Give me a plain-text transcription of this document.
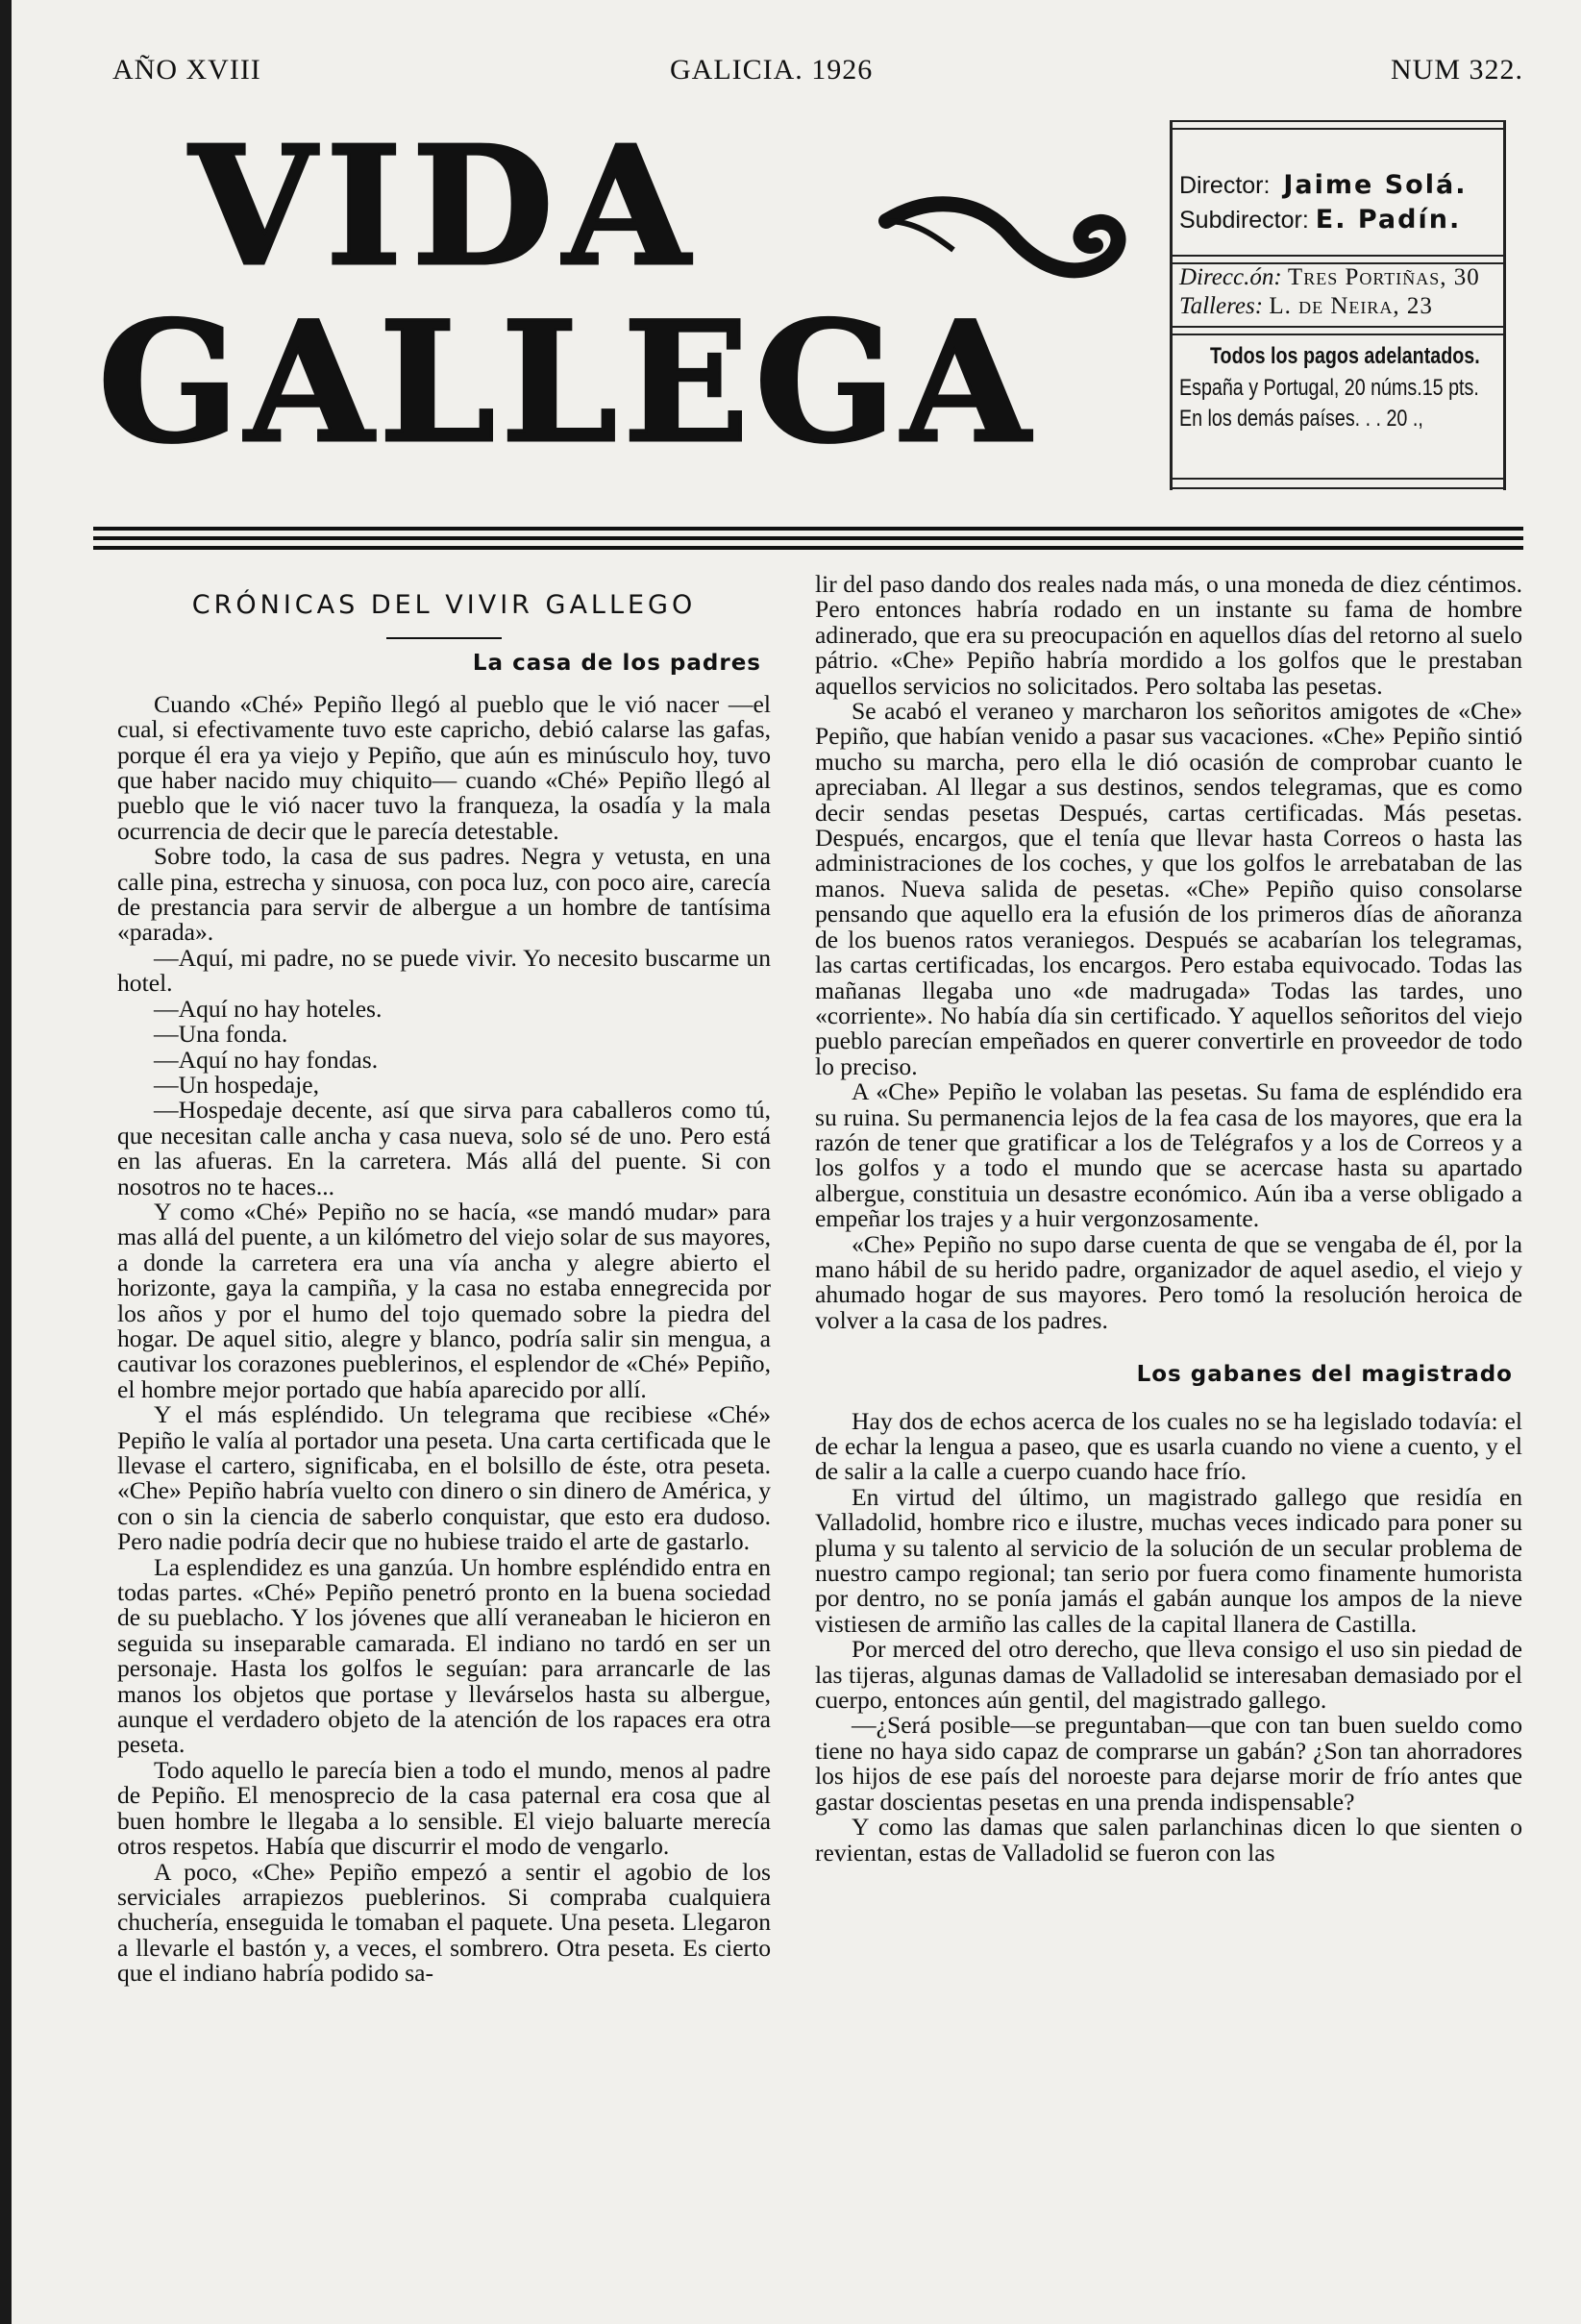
AÑO XVIII	GALICIA. 1926	NUM 322.
VIDA
GALLEGA
Director: Jaime Solá.
Subdirector: E. Padín.
Direcc.ón: Tres Portiñas, 30
Talleres: L. de Neira, 23
Todos los pagos adelantados.
España y Portugal, 20 núms.15 pts.
En los demás países. . . 20 .,
CRÓNICAS DEL VIVIR GALLEGO
La casa de los padres

Cuando «Ché» Pepiño llegó al pueblo que le vió nacer —el cual, si efectivamente tuvo este capricho, debió calarse las gafas, porque él era ya viejo y Pepiño, que aún es minúsculo hoy, tuvo que haber nacido muy chiquito— cuando «Ché» Pepiño llegó al pueblo que le vió nacer tuvo la franqueza, la osadía y la mala ocurrencia de decir que le parecía detestable.

Sobre todo, la casa de sus padres. Negra y vetusta, en una calle pina, estrecha y sinuosa, con poca luz, con poco aire, carecía de prestancia para servir de albergue a un hombre de tantísima «parada».

—Aquí, mi padre, no se puede vivir. Yo necesito buscarme un hotel.

—Aquí no hay hoteles.

—Una fonda.

—Aquí no hay fondas.

—Un hospedaje,

—Hospedaje decente, así que sirva para caballeros como tú, que necesitan calle ancha y casa nueva, solo sé de uno. Pero está en las afueras. En la carretera. Más allá del puente. Si con nosotros no te haces...

Y como «Ché» Pepiño no se hacía, «se mandó mudar» para mas allá del puente, a un kilómetro del viejo solar de sus mayores, a donde la carretera era una vía ancha y alegre abierto el horizonte, gaya la campiña, y la casa no estaba ennegrecida por los años y por el humo del tojo quemado sobre la piedra del hogar. De aquel sitio, alegre y blanco, podría salir sin mengua, a cautivar los corazones pueblerinos, el esplendor de «Ché» Pepiño, el hombre mejor portado que había aparecido por allí.

Y el más espléndido. Un telegrama que recibiese «Ché» Pepiño le valía al portador una peseta. Una carta certificada que le llevase el cartero, significaba, en el bolsillo de éste, otra peseta. «Che» Pepiño habría vuelto con dinero o sin dinero de América, y con o sin la ciencia de saberlo conquistar, que esto era dudoso. Pero nadie podría decir que no hubiese traido el arte de gastarlo.

La esplendidez es una ganzúa. Un hombre espléndido entra en todas partes. «Ché» Pepiño penetró pronto en la buena sociedad de su pueblacho. Y los jóvenes que allí veraneaban le hicieron en seguida su inseparable camarada. El indiano no tardó en ser un personaje. Hasta los golfos le seguían: para arrancarle de las manos los objetos que portase y llevárselos hasta su albergue, aunque el verdadero objeto de la atención de los rapaces era otra peseta.

Todo aquello le parecía bien a todo el mundo, menos al padre de Pepiño. El menosprecio de la casa paternal era cosa que al buen hombre le llegaba a lo sensible. El viejo baluarte merecía otros respetos. Había que discurrir el modo de vengarlo.

A poco, «Che» Pepiño empezó a sentir el agobio de los serviciales arrapiezos pueblerinos. Si compraba cualquiera chuchería, enseguida le tomaban el paquete. Una peseta. Llegaron a llevarle el bastón y, a veces, el sombrero. Otra peseta. Es cierto que el indiano habría podido sa-

lir del paso dando dos reales nada más, o una moneda de diez céntimos. Pero entonces habría rodado en un instante su fama de hombre adinerado, que era su preocupación en aquellos días del retorno al suelo pátrio. «Che» Pepiño habría mordido a los golfos que le prestaban aquellos servicios no solicitados. Pero soltaba las pesetas.

Se acabó el veraneo y marcharon los señoritos amigotes de «Che» Pepiño, que habían venido a pasar sus vacaciones. «Che» Pepiño sintió mucho su marcha, pero ella le dió ocasión de comprobar cuanto le apreciaban. Al llegar a sus destinos, sendos telegramas, que es como decir sendas pesetas Después, cartas certificadas. Más pesetas. Después, encargos, que el tenía que llevar hasta Correos o hasta las administraciones de los coches, y que los golfos le arrebataban de las manos. Nueva salida de pesetas. «Che» Pepiño quiso consolarse pensando que aquello era la efusión de los primeros días de añoranza de los buenos ratos veraniegos. Después se acabarían los telegramas, las cartas certificadas, los encargos. Pero estaba equivocado. Todas las mañanas llegaba uno «de madrugada» Todas las tardes, uno «corriente». No había día sin certificado. Y aquellos señoritos del viejo pueblo parecían empeñados en querer convertirle en proveedor de todo lo preciso.

A «Che» Pepiño le volaban las pesetas. Su fama de espléndido era su ruina. Su permanencia lejos de la fea casa de los mayores, que era la razón de tener que gratificar a los de Telégrafos y a los de Correos y a los golfos y a todo el mundo que se acercase hasta su apartado albergue, constituia un desastre económico. Aún iba a verse obligado a empeñar los trajes y a huir vergonzosamente.

«Che» Pepiño no supo darse cuenta de que se vengaba de él, por la mano hábil de su herido padre, organizador de aquel asedio, el viejo y ahumado hogar de sus mayores. Pero tomó la resolución heroica de volver a la casa de los padres.

Los gabanes del magistrado

Hay dos de echos acerca de los cuales no se ha legislado todavía: el de echar la lengua a paseo, que es usarla cuando no viene a cuento, y el de salir a la calle a cuerpo cuando hace frío.

En virtud del último, un magistrado gallego que residía en Valladolid, hombre rico e ilustre, muchas veces indicado para poner su pluma y su talento al servicio de la solución de un secular problema de nuestro campo regional; tan serio por fuera como finamente humorista por dentro, no se ponía jamás el gabán aunque los ampos de la nieve vistiesen de armiño las calles de la capital llanera de Castilla.

Por merced del otro derecho, que lleva consigo el uso sin piedad de las tijeras, algunas damas de Valladolid se interesaban demasiado por el cuerpo, entonces aún gentil, del magistrado gallego.

—¿Será posible—se preguntaban—que con tan buen sueldo como tiene no haya sido capaz de comprarse un gabán? ¿Son tan ahorradores los hijos de ese país del noroeste para dejarse morir de frío antes que gastar doscientas pesetas en una prenda indispensable?

Y como las damas que salen parlanchinas dicen lo que sienten o revientan, estas de Valladolid se fueron con las
